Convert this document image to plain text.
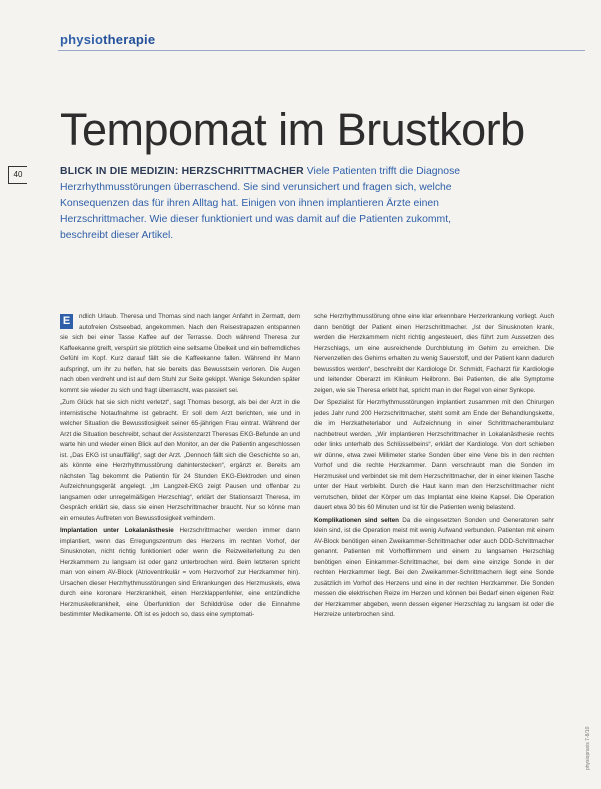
physiotherapie
40
Tempomat im Brustkorb
BLICK IN DIE MEDIZIN: HERZSCHRITTMACHER Viele Patienten trifft die Diagnose Herzrhythmusstörungen überraschend. Sie sind verunsichert und fragen sich, welche Konsequenzen das für ihren Alltag hat. Einigen von ihnen implantieren Ärzte einen Herzschrittmacher. Wie dieser funktioniert und was damit auf die Patienten zukommt, beschreibt dieser Artikel.

E	ndlich Urlaub. Theresa und Thomas sind nach langer Anfahrt in Zermatt, dem autofreien Ostseebad, angekommen. Nach den Reisestrapazen entspannen sie sich bei einer Tasse Kaffee auf der Terrasse. Doch während Theresa zur Kaffeekanne greift, verspürt sie plötzlich eine seltsame Übelkeit und ein befremdliches Gefühl im Kopf. Kurz darauf fällt sie die Kaffeekanne fallen. Während ihr Mann aufspringt, um ihr zu helfen, hat sie bereits das Bewusstsein verloren. Die Augen nach oben verdreht und ist auf dem Stuhl zur Seite gekippt. Wenige Sekunden später kommt sie wieder zu sich und fragt überrascht, was passiert sei.

„Zum Glück hat sie sich nicht verletzt“, sagt Thomas besorgt, als bei der Arzt in die internistische Notaufnahme ist gebracht. Er soll dem Arzt berichten, wie und in welcher Situation die Bewusstlosigkeit seiner 65-jährigen Frau eintrat. Während der Arzt die Situation beschreibt, schaut der Assistenzarzt Theresas EKG-Befunde an und warte hin und wieder einen Blick auf den Monitor, an der die Patientin angeschlossen ist. „Das EKG ist unauffällig“, sagt der Arzt. „Dennoch fällt sich die Geschichte so an, als könnte eine Herzrhythmusstörung dahinterstecken“, ergänzt er. Bereits am nächsten Tag bekommt die Patientin für 24 Stunden EKG-Elektroden und einen Aufzeichnungsgerät angelegt. „Im Langzeit-EKG zeigt Pausen und offenbar zu langsamen oder unregelmäßigen Herzschlag“, erklärt der Stationsarzt Theresa, im Gespräch erklärt sie, dass sie einen Herzschrittmacher braucht. Nur so könne man ein erneutes Auftreten von Bewusstlosigkeit verhindern.

Implantation unter Lokalanästhesie Herzschrittmacher werden immer dann implantiert, wenn das Erregungszentrum des Herzens im rechten Vorhof, der Sinusknoten, nicht richtig funktioniert oder wenn die Reizweiterleitung zu den Herzkammern zu langsam ist oder ganz unterbrochen wird. Beim letzteren spricht man von einem AV-Block (Atrioventrikulär = vom Herzvorhof zur Herzkammer hin). Ursachen dieser Herzrhythmusstörungen sind Erkrankungen des Herzmuskels, etwa durch eine koronare Herzkrankheit, einen Herzklappenfehler, eine entzündliche Herzmuskelkrankheit, eine Überfunktion der Schilddrüse oder die Einnahme bestimmter Medikamente. Oft ist es jedoch so, dass eine symptomati-

sche Herzrhythmusstörung ohne eine klar erkennbare Herzerkrankung vorliegt. Auch dann benötigt der Patient einen Herzschrittmacher. „Ist der Sinusknoten krank, werden die Herzkammern nicht richtig angesteuert, dies führt zum Aussetzen des Herzschlags, um eine ausreichende Durchblutung im Gehirn zu erreichen. Die Nervenzellen des Gehirns erhalten zu wenig Sauerstoff, und der Patient kann dadurch bewusstlos werden“, beschreibt der Kardiologe Dr. Schmidt, Facharzt für Kardiologie und leitender Oberarzt im Klinikum Heilbronn. Bei Patienten, die alle Symptome zeigen, wie sie Theresa erlebt hat, spricht man in der Regel von einer Synkope.

Der Spezialist für Herzrhythmusstörungen implantiert zusammen mit den Chirurgen jedes Jahr rund 200 Herzschrittmacher, steht somit am Ende der Behandlungskette, die im Herzkatheterlabor und Aufzeichnung in einer Schrittmacherambulanz nachbetreut werden. „Wir implantieren Herzschrittmacher in Lokalanästhesie rechts oder links unterhalb des Schlüsselbeins“, erklärt der Kardiologe. Von dort schieben wir dünne, etwa zwei Millimeter starke Sonden über eine Vene bis in den rechten Vorhof und die rechte Herzkammer. Dann verschraubt man die Sonden im Herzmuskel und verbindet sie mit dem Herzschrittmacher, der in einer kleinen Tasche unter der Haut verbleibt. Durch die Haut kann man den Herzschrittmacher nicht verrutschen, bildet der Körper um das Implantat eine kleine Kapsel. Die Operation dauert etwa 30 bis 60 Minuten und ist für die Patienten wenig belastend.

Komplikationen sind selten Da die eingesetzten Sonden und Generatoren sehr klein sind, ist die Operation meist mit wenig Aufwand verbunden. Patienten mit einem AV-Block benötigen einen Zweikammer-Schrittmacher oder auch DDD-Schrittmacher genannt. Patienten mit Vorhofflimmern und einem zu langsamen Herzschlag benötigen einen Einkammer-Schrittmacher, bei dem eine einzige Sonde in der rechten Herzkammer liegt. Bei den Zweikammer-Schrittmachern liegt eine Sonde zusätzlich im Vorhof des Herzens und eine in der rechten Herzkammer. Die Sonden messen die elektrischen Reize im Herzen und können bei Bedarf einen eigenen Reiz der Herzkammer abgeben, wenn dessen eigener Herzschlag zu langsam ist oder die Herzreize unterbrochen sind.

physiopraxis 7-8/10
